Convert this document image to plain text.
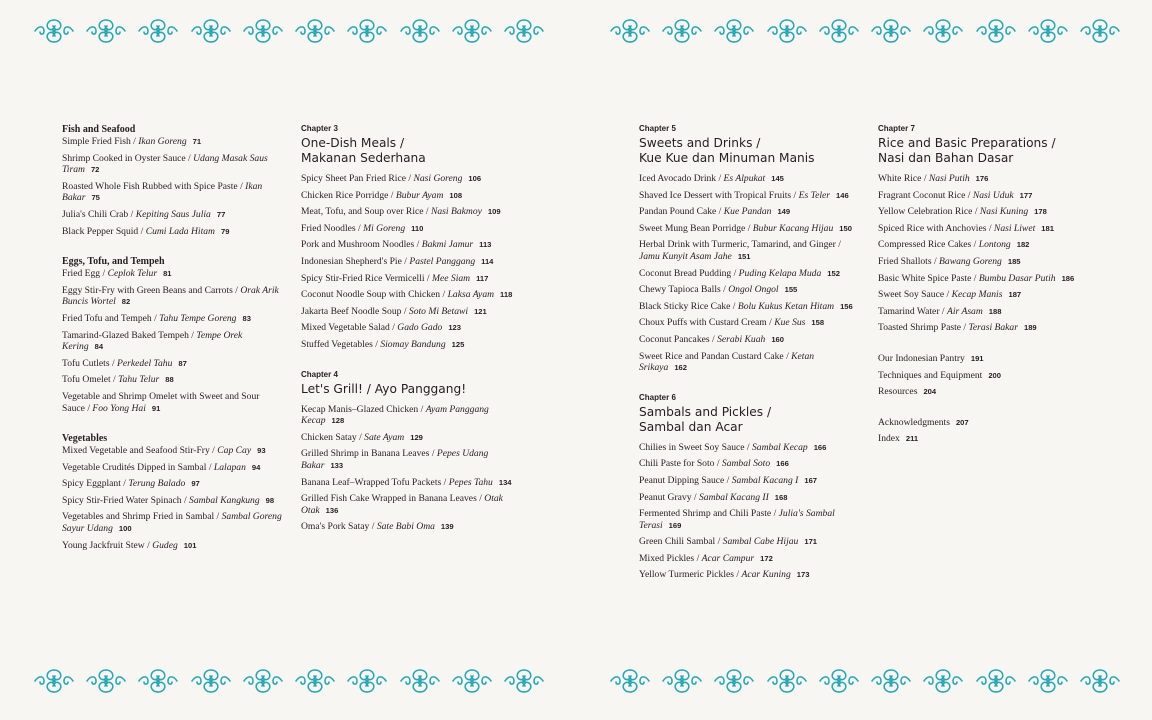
Fish and Seafood
Simple Fried Fish / Ikan Goreng 71
Shrimp Cooked in Oyster Sauce / Udang Masak Saus Tiram 72
Roasted Whole Fish Rubbed with Spice Paste / Ikan Bakar 75
Julia's Chili Crab / Kepiting Saus Julia 77
Black Pepper Squid / Cumi Lada Hitam 79
Eggs, Tofu, and Tempeh
Fried Egg / Ceplok Telur 81
Eggy Stir-Fry with Green Beans and Carrots / Orak Arik Buncis Wortel 82
Fried Tofu and Tempeh / Tahu Tempe Goreng 83
Tamarind-Glazed Baked Tempeh / Tempe Orek Kering 84
Tofu Cutlets / Perkedel Tahu 87
Tofu Omelet / Tahu Telur 88
Vegetable and Shrimp Omelet with Sweet and Sour Sauce / Foo Yong Hai 91
Vegetables
Mixed Vegetable and Seafood Stir-Fry / Cap Cay 93
Vegetable Crudités Dipped in Sambal / Lalapan 94
Spicy Eggplant / Terung Balado 97
Spicy Stir-Fried Water Spinach / Sambal Kangkung 98
Vegetables and Shrimp Fried in Sambal / Sambal Goreng Sayur Udang 100
Young Jackfruit Stew / Gudeg 101
Chapter 3
One-Dish Meals /
Makanan Sederhana
Spicy Sheet Pan Fried Rice / Nasi Goreng 106
Chicken Rice Porridge / Bubur Ayam 108
Meat, Tofu, and Soup over Rice / Nasi Bakmoy 109
Fried Noodles / Mi Goreng 110
Pork and Mushroom Noodles / Bakmi Jamur 113
Indonesian Shepherd's Pie / Pastel Panggang 114
Spicy Stir-Fried Rice Vermicelli / Mee Siam 117
Coconut Noodle Soup with Chicken / Laksa Ayam 118
Jakarta Beef Noodle Soup / Soto Mi Betawi 121
Mixed Vegetable Salad / Gado Gado 123
Stuffed Vegetables / Siomay Bandung 125
Chapter 4
Let's Grill! / Ayo Panggang!
Kecap Manis–Glazed Chicken / Ayam Panggang Kecap 128
Chicken Satay / Sate Ayam 129
Grilled Shrimp in Banana Leaves / Pepes Udang Bakar 133
Banana Leaf–Wrapped Tofu Packets / Pepes Tahu 134
Grilled Fish Cake Wrapped in Banana Leaves / Otak Otak 136
Oma's Pork Satay / Sate Babi Oma 139
Chapter 5
Sweets and Drinks /
Kue Kue dan Minuman Manis
Iced Avocado Drink / Es Alpukat 145
Shaved Ice Dessert with Tropical Fruits / Es Teler 146
Pandan Pound Cake / Kue Pandan 149
Sweet Mung Bean Porridge / Bubur Kacang Hijau 150
Herbal Drink with Turmeric, Tamarind, and Ginger / Jamu Kunyit Asam Jahe 151
Coconut Bread Pudding / Puding Kelapa Muda 152
Chewy Tapioca Balls / Ongol Ongol 155
Black Sticky Rice Cake / Bolu Kukus Ketan Hitam 156
Choux Puffs with Custard Cream / Kue Sus 158
Coconut Pancakes / Serabi Kuah 160
Sweet Rice and Pandan Custard Cake / Ketan Srikaya 162
Chapter 6
Sambals and Pickles /
Sambal dan Acar
Chilies in Sweet Soy Sauce / Sambal Kecap 166
Chili Paste for Soto / Sambal Soto 166
Peanut Dipping Sauce / Sambal Kacang I 167
Peanut Gravy / Sambal Kacang II 168
Fermented Shrimp and Chili Paste / Julia's Sambal Terasi 169
Green Chili Sambal / Sambal Cabe Hijau 171
Mixed Pickles / Acar Campur 172
Yellow Turmeric Pickles / Acar Kuning 173
Chapter 7
Rice and Basic Preparations /
Nasi dan Bahan Dasar
White Rice / Nasi Putih 176
Fragrant Coconut Rice / Nasi Uduk 177
Yellow Celebration Rice / Nasi Kuning 178
Spiced Rice with Anchovies / Nasi Liwet 181
Compressed Rice Cakes / Lontong 182
Fried Shallots / Bawang Goreng 185
Basic White Spice Paste / Bumbu Dasar Putih 186
Sweet Soy Sauce / Kecap Manis 187
Tamarind Water / Air Asam 188
Toasted Shrimp Paste / Terasi Bakar 189
Our Indonesian Pantry 191
Techniques and Equipment 200
Resources 204
Acknowledgments 207
Index 211
